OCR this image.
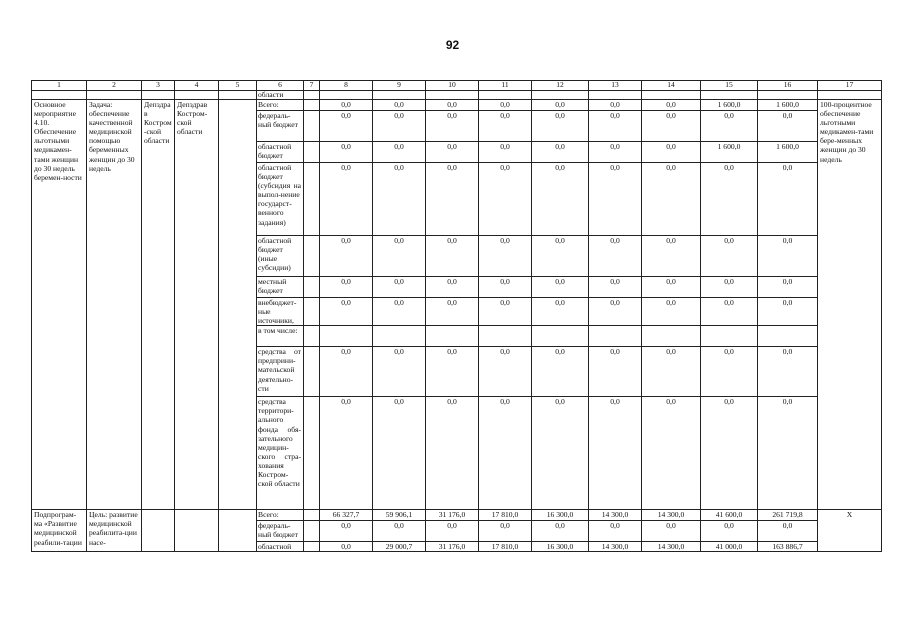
92
1	2	3	4	5	6	7	8	9	10	11	12	13	14	15	16	17
					области											
Основное мероприятие 4.10. Обеспечение льготными медикамен-тами женщин до 30 недель беремен-ности	Задача: обеспечение качественной медицинской помощью беременных женщин до 30 недель	Депздрав Костром-ской области	Депздрав Костром-ской области		Всего:		0,0	0,0	0,0	0,0	0,0	0,0	0,0	1 600,0	1 600,0	100-процентное обеспечение льготными медикамен-тами бере-менных женщин до 30 недель
					федераль-ный бюджет		0,0	0,0	0,0	0,0	0,0	0,0	0,0	0,0	0,0	
					областной бюджет		0,0	0,0	0,0	0,0	0,0	0,0	0,0	1 600,0	1 600,0	
					областной бюджет (субсидия на выпол-нение государст-венного задания)		0,0	0,0	0,0	0,0	0,0	0,0	0,0	0,0	0,0	
					областной бюджет (иные субсидии)		0,0	0,0	0,0	0,0	0,0	0,0	0,0	0,0	0,0	
					местный бюджет		0,0	0,0	0,0	0,0	0,0	0,0	0,0	0,0	0,0	
					внебюджет-ные источники,		0,0	0,0	0,0	0,0	0,0	0,0	0,0	0,0	0,0	
					в том числе:											
					средства от предприни-мательской деятельно-сти		0,0	0,0	0,0	0,0	0,0	0,0	0,0	0,0	0,0	
					средства территори-ального фонда обя-зательного медицин-ского стра-хования Костром-ской области		0,0	0,0	0,0	0,0	0,0	0,0	0,0	0,0	0,0	
Подпрограм-ма «Развитие медицинской реабили-тации	Цель: развитие медицинской реабилита-ции насе-				Всего:		66 327,7	59 906,1	31 176,0	17 810,0	16 300,0	14 300,0	14 300,0	41 600,0	261 719,8	X
					федераль-ный бюджет		0,0	0,0	0,0	0,0	0,0	0,0	0,0	0,0	0,0	
					областной		0,0	29 000,7	31 176,0	17 810,0	16 300,0	14 300,0	14 300,0	41 000,0	163 886,7	
